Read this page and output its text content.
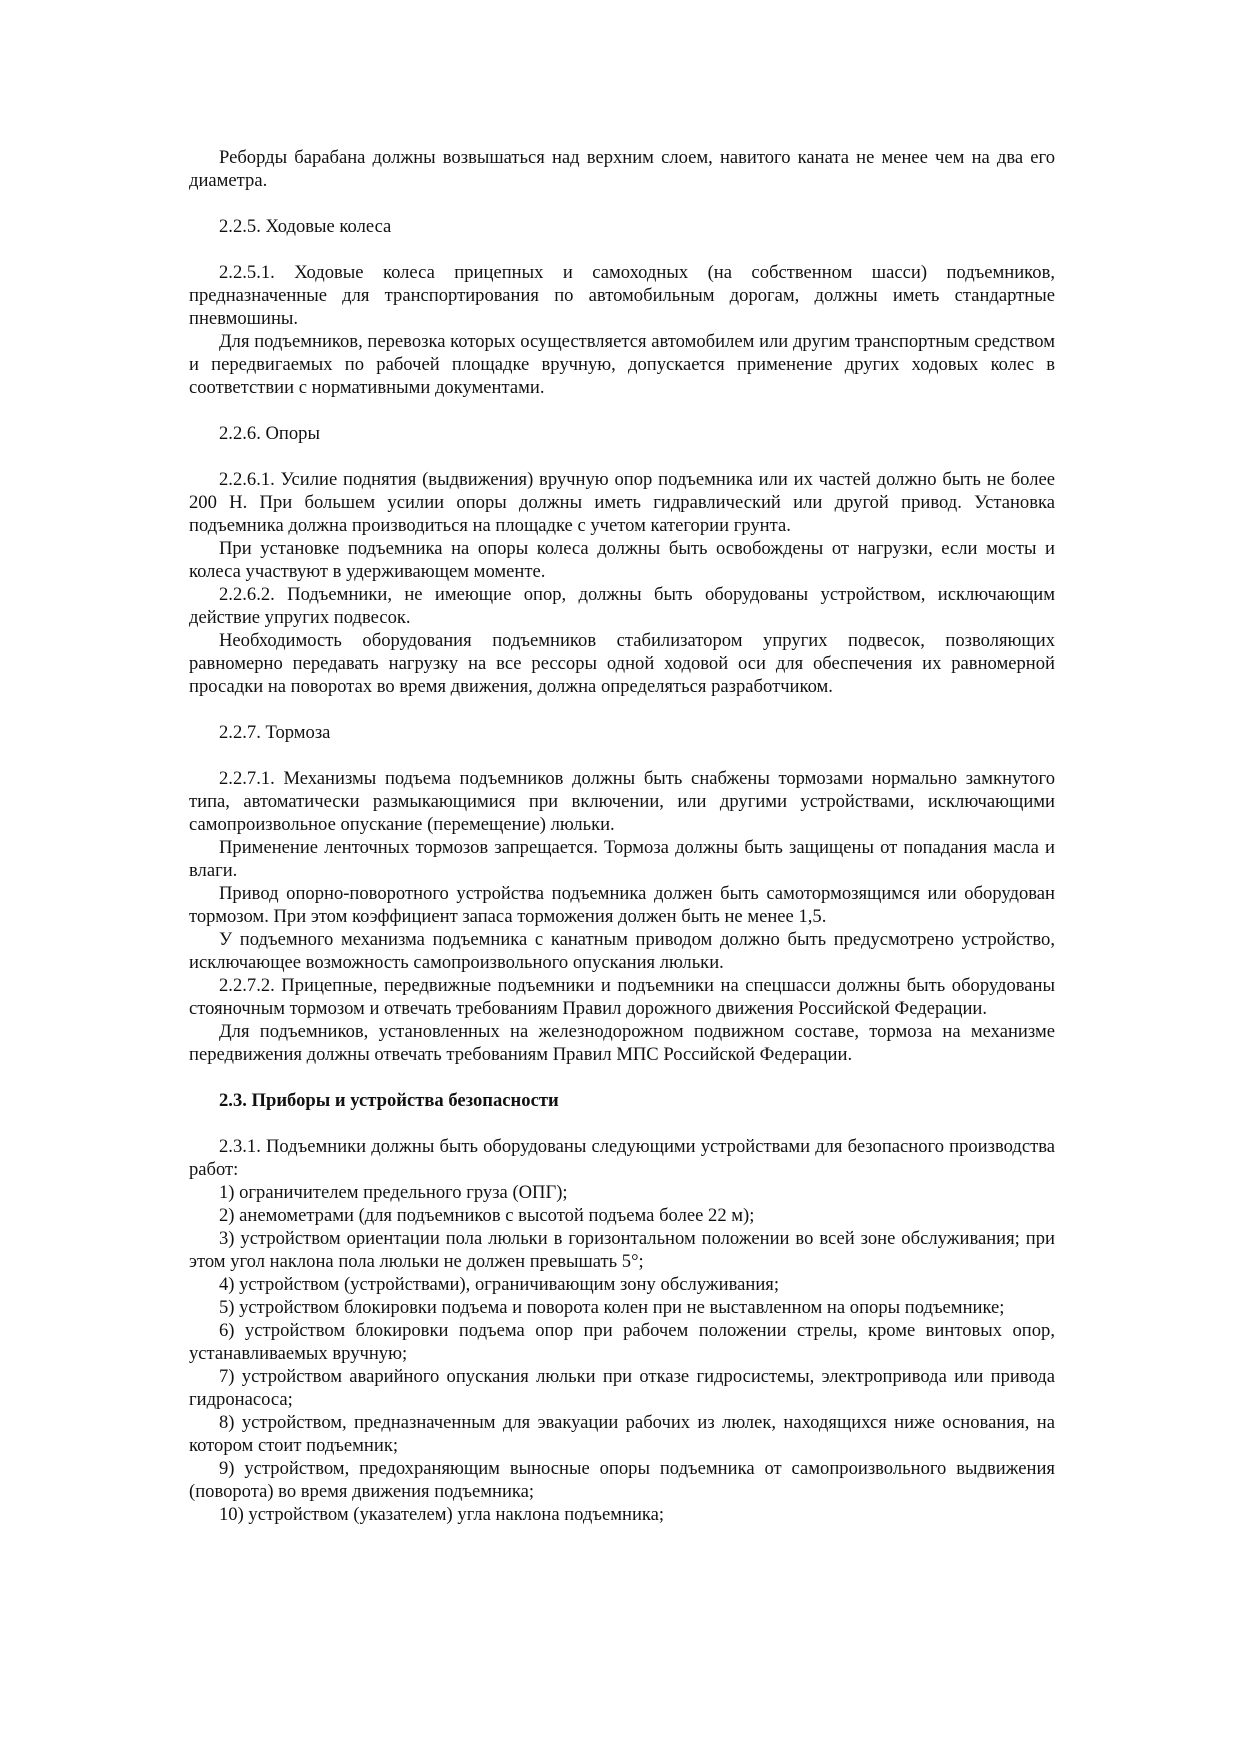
Реборды барабана должны возвышаться над верхним слоем, навитого каната не менее чем на два его диаметра.

2.2.5. Ходовые колеса

2.2.5.1. Ходовые колеса прицепных и самоходных (на собственном шасси) подъемников, предназначенные для транспортирования по автомобильным дорогам, должны иметь стандартные пневмошины.

Для подъемников, перевозка которых осуществляется автомобилем или другим транспортным средством и передвигаемых по рабочей площадке вручную, допускается применение других ходовых колес в соответствии с нормативными документами.

2.2.6. Опоры

2.2.6.1. Усилие поднятия (выдвижения) вручную опор подъемника или их частей должно быть не более 200 Н. При большем усилии опоры должны иметь гидравлический или другой привод. Установка подъемника должна производиться на площадке с учетом категории грунта.

При установке подъемника на опоры колеса должны быть освобождены от нагрузки, если мосты и колеса участвуют в удерживающем моменте.

2.2.6.2. Подъемники, не имеющие опор, должны быть оборудованы устройством, исключающим действие упругих подвесок.

Необходимость оборудования подъемников стабилизатором упругих подвесок, позволяющих равномерно передавать нагрузку на все рессоры одной ходовой оси для обеспечения их равномерной просадки на поворотах во время движения, должна определяться разработчиком.

2.2.7. Тормоза

2.2.7.1. Механизмы подъема подъемников должны быть снабжены тормозами нормально замкнутого типа, автоматически размыкающимися при включении, или другими устройствами, исключающими самопроизвольное опускание (перемещение) люльки.

Применение ленточных тормозов запрещается. Тормоза должны быть защищены от попадания масла и влаги.

Привод опорно-поворотного устройства подъемника должен быть самотормозящимся или оборудован тормозом. При этом коэффициент запаса торможения должен быть не менее 1,5.

У подъемного механизма подъемника с канатным приводом должно быть предусмотрено устройство, исключающее возможность самопроизвольного опускания люльки.

2.2.7.2. Прицепные, передвижные подъемники и подъемники на спецшасси должны быть оборудованы стояночным тормозом и отвечать требованиям Правил дорожного движения Российской Федерации.

Для подъемников, установленных на железнодорожном подвижном составе, тормоза на механизме передвижения должны отвечать требованиям Правил МПС Российской Федерации.

2.3. Приборы и устройства безопасности

2.3.1. Подъемники должны быть оборудованы следующими устройствами для безопасного производства работ:

1) ограничителем предельного груза (ОПГ);

2) анемометрами (для подъемников с высотой подъема более 22 м);

3) устройством ориентации пола люльки в горизонтальном положении во всей зоне обслуживания; при этом угол наклона пола люльки не должен превышать 5°;

4) устройством (устройствами), ограничивающим зону обслуживания;

5) устройством блокировки подъема и поворота колен при не выставленном на опоры подъемнике;

6) устройством блокировки подъема опор при рабочем положении стрелы, кроме винтовых опор, устанавливаемых вручную;

7) устройством аварийного опускания люльки при отказе гидросистемы, электропривода или привода гидронасоса;

8) устройством, предназначенным для эвакуации рабочих из люлек, находящихся ниже основания, на котором стоит подъемник;

9) устройством, предохраняющим выносные опоры подъемника от самопроизвольного выдвижения (поворота) во время движения подъемника;

10) устройством (указателем) угла наклона подъемника;
